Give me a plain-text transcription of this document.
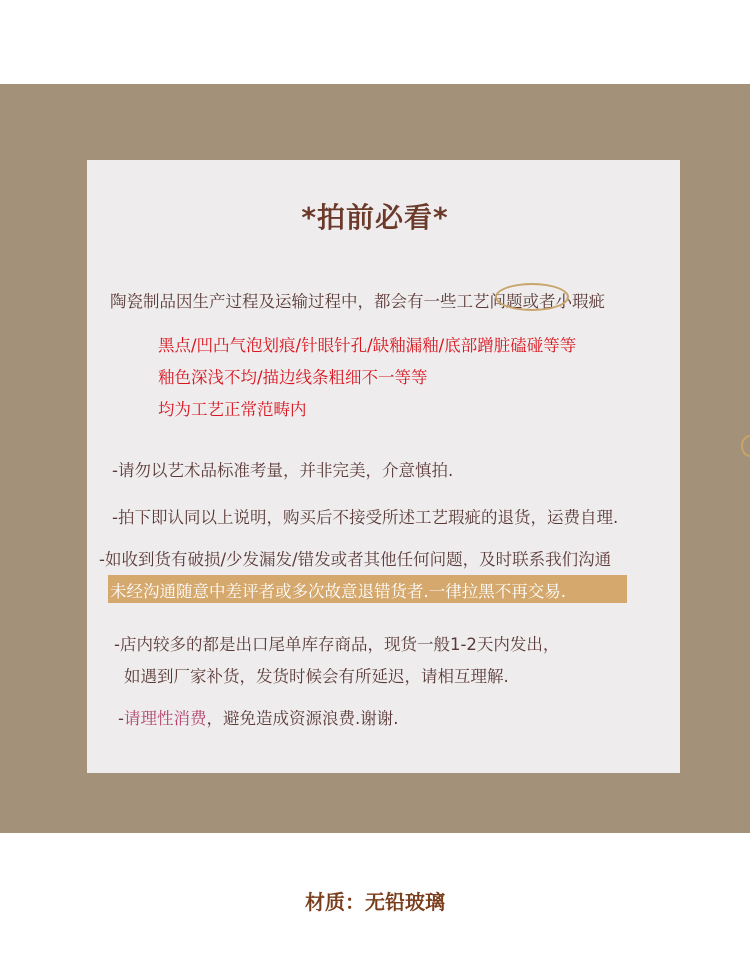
*拍前必看*
陶瓷制品因生产过程及运输过程中，都会有一些工艺问题或者小瑕疵
黑点/凹凸气泡划痕/针眼针孔/缺釉漏釉/底部蹭脏磕碰等等
釉色深浅不均/描边线条粗细不一等等
均为工艺正常范畴内
-请勿以艺术品标准考量，并非完美，介意慎拍.
-拍下即认同以上说明，购买后不接受所述工艺瑕疵的退货，运费自理.
-如收到货有破损/少发漏发/错发或者其他任何问题，及时联系我们沟通
未经沟通随意中差评者或多次故意退错货者.一律拉黑不再交易.
-店内较多的都是出口尾单库存商品，现货一般1-2天内发出，
如遇到厂家补货，发货时候会有所延迟，请相互理解.
-请理性消费，避免造成资源浪费.谢谢.
材质：无铅玻璃
